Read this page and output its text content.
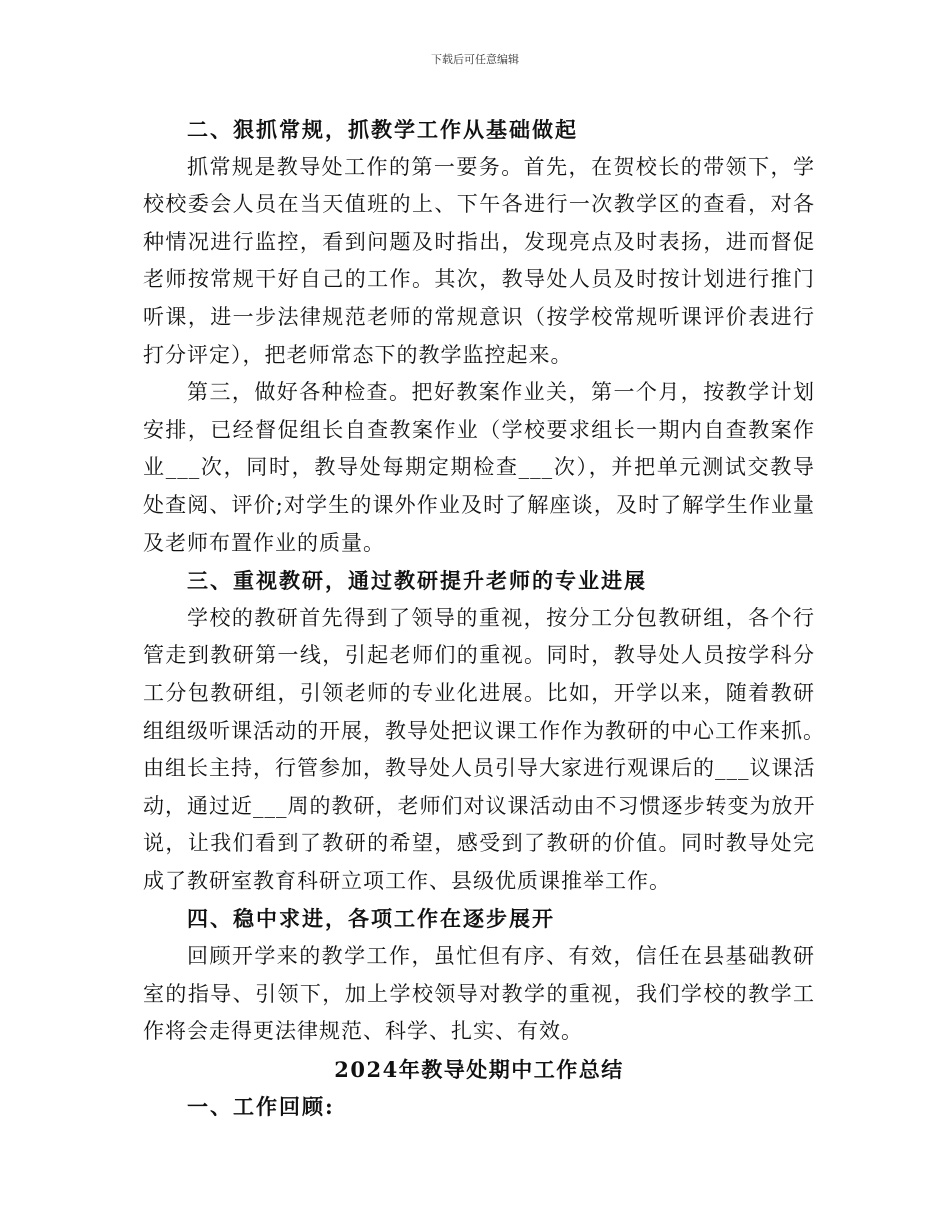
下载后可任意编辑
二、狠抓常规，抓教学工作从基础做起
抓常规是教导处工作的第一要务。首先，在贺校长的带领下，学
校校委会人员在当天值班的上、下午各进行一次教学区的查看，对各
种情况进行监控，看到问题及时指出，发现亮点及时表扬，进而督促
老师按常规干好自己的工作。其次，教导处人员及时按计划进行推门
听课，进一步法律规范老师的常规意识（按学校常规听课评价表进行
打分评定），把老师常态下的教学监控起来。
第三，做好各种检查。把好教案作业关，第一个月，按教学计划
安排，已经督促组长自查教案作业（学校要求组长一期内自查教案作
业___次，同时，教导处每期定期检查___次），并把单元测试交教导
处查阅、评价;对学生的课外作业及时了解座谈，及时了解学生作业量
及老师布置作业的质量。
三、重视教研，通过教研提升老师的专业进展
学校的教研首先得到了领导的重视，按分工分包教研组，各个行
管走到教研第一线，引起老师们的重视。同时，教导处人员按学科分
工分包教研组，引领老师的专业化进展。比如，开学以来，随着教研
组组级听课活动的开展，教导处把议课工作作为教研的中心工作来抓。
由组长主持，行管参加，教导处人员引导大家进行观课后的___议课活
动，通过近___周的教研，老师们对议课活动由不习惯逐步转变为放开
说，让我们看到了教研的希望，感受到了教研的价值。同时教导处完
成了教研室教育科研立项工作、县级优质课推举工作。
四、稳中求进，各项工作在逐步展开
回顾开学来的教学工作，虽忙但有序、有效，信任在县基础教研
室的指导、引领下，加上学校领导对教学的重视，我们学校的教学工
作将会走得更法律规范、科学、扎实、有效。
2024年教导处期中工作总结
一、工作回顾:
